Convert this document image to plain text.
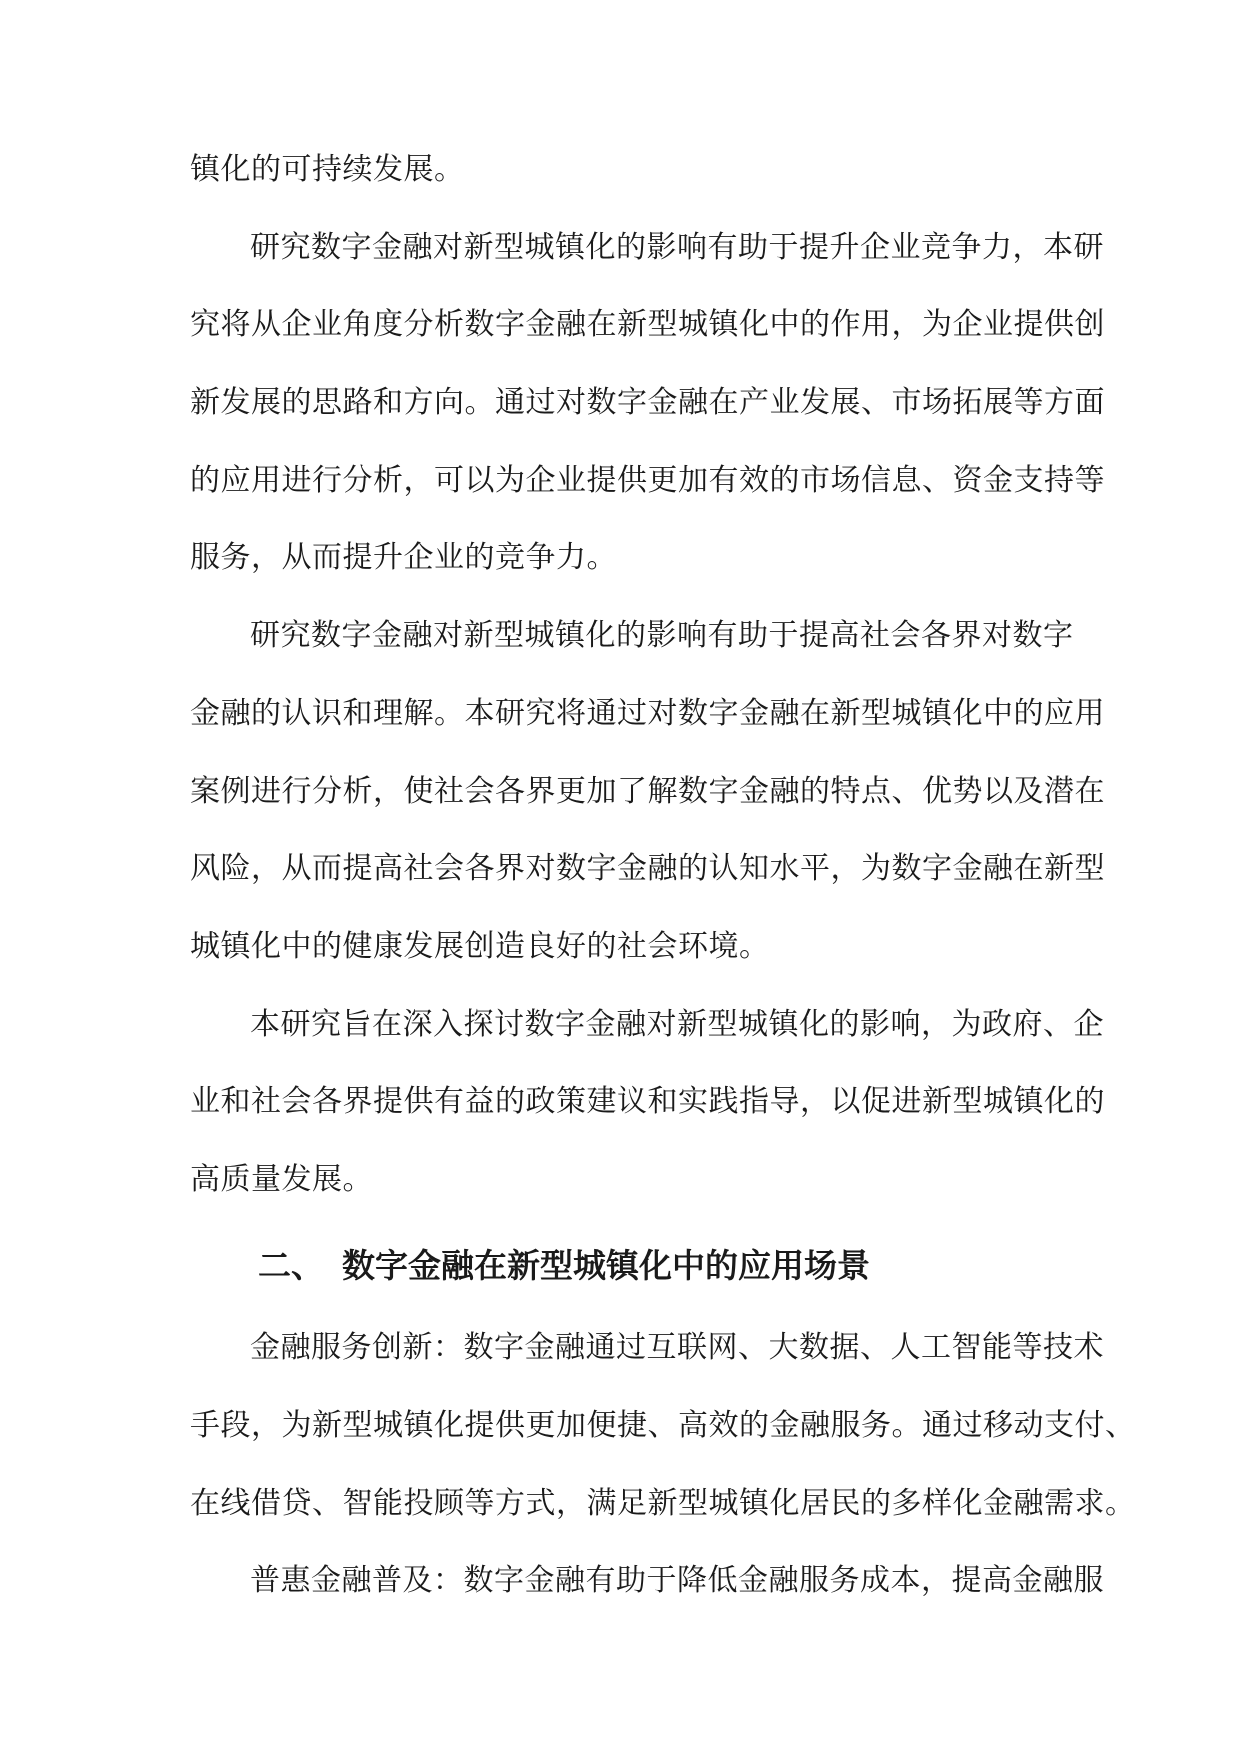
镇化的可持续发展。
研究数字金融对新型城镇化的影响有助于提升企业竞争力，本研
究将从企业角度分析数字金融在新型城镇化中的作用，为企业提供创
新发展的思路和方向。通过对数字金融在产业发展、市场拓展等方面
的应用进行分析，可以为企业提供更加有效的市场信息、资金支持等
服务，从而提升企业的竞争力。
研究数字金融对新型城镇化的影响有助于提高社会各界对数字
金融的认识和理解。本研究将通过对数字金融在新型城镇化中的应用
案例进行分析，使社会各界更加了解数字金融的特点、优势以及潜在
风险，从而提高社会各界对数字金融的认知水平，为数字金融在新型
城镇化中的健康发展创造良好的社会环境。
本研究旨在深入探讨数字金融对新型城镇化的影响，为政府、企
业和社会各界提供有益的政策建议和实践指导，以促进新型城镇化的
高质量发展。
二、 数字金融在新型城镇化中的应用场景
金融服务创新：数字金融通过互联网、大数据、人工智能等技术
手段，为新型城镇化提供更加便捷、高效的金融服务。通过移动支付、
在线借贷、智能投顾等方式，满足新型城镇化居民的多样化金融需求。
普惠金融普及：数字金融有助于降低金融服务成本，提高金融服
